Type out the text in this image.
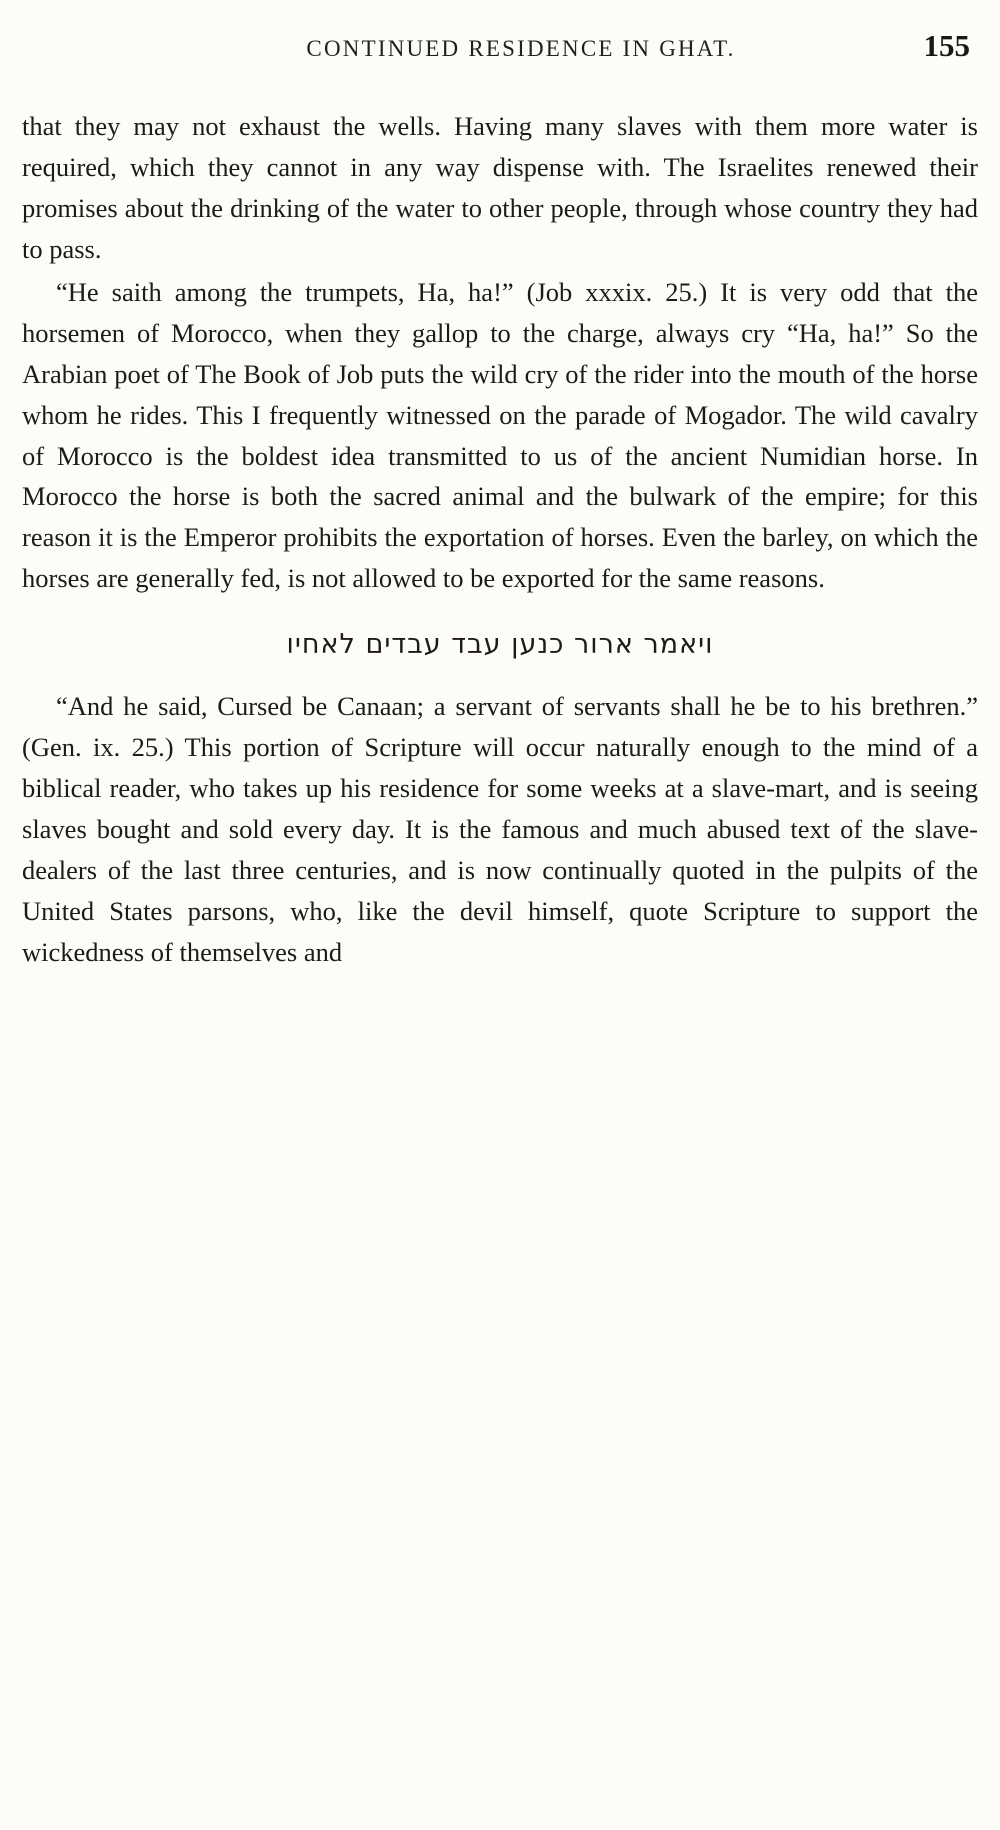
CONTINUED RESIDENCE IN GHAT.	155

that they may not exhaust the wells. Having many slaves with them more water is required, which they cannot in any way dispense with. The Israelites renewed their promises about the drinking of the water to other people, through whose country they had to pass.

“He saith among the trumpets, Ha, ha!” (Job xxxix. 25.) It is very odd that the horsemen of Morocco, when they gallop to the charge, always cry “Ha, ha!” So the Arabian poet of The Book of Job puts the wild cry of the rider into the mouth of the horse whom he rides. This I frequently witnessed on the parade of Mogador. The wild cavalry of Morocco is the boldest idea transmitted to us of the ancient Numidian horse. In Morocco the horse is both the sacred animal and the bulwark of the empire; for this reason it is the Emperor prohibits the exportation of horses. Even the barley, on which the horses are generally fed, is not allowed to be exported for the same reasons.

ויאמר ארור כנען עבד עבדים לאחיו

“And he said, Cursed be Canaan; a servant of servants shall he be to his brethren.” (Gen. ix. 25.) This portion of Scripture will occur naturally enough to the mind of a biblical reader, who takes up his residence for some weeks at a slave-mart, and is seeing slaves bought and sold every day. It is the famous and much abused text of the slave-dealers of the last three centuries, and is now continually quoted in the pulpits of the United States parsons, who, like the devil himself, quote Scripture to support the wickedness of themselves and
